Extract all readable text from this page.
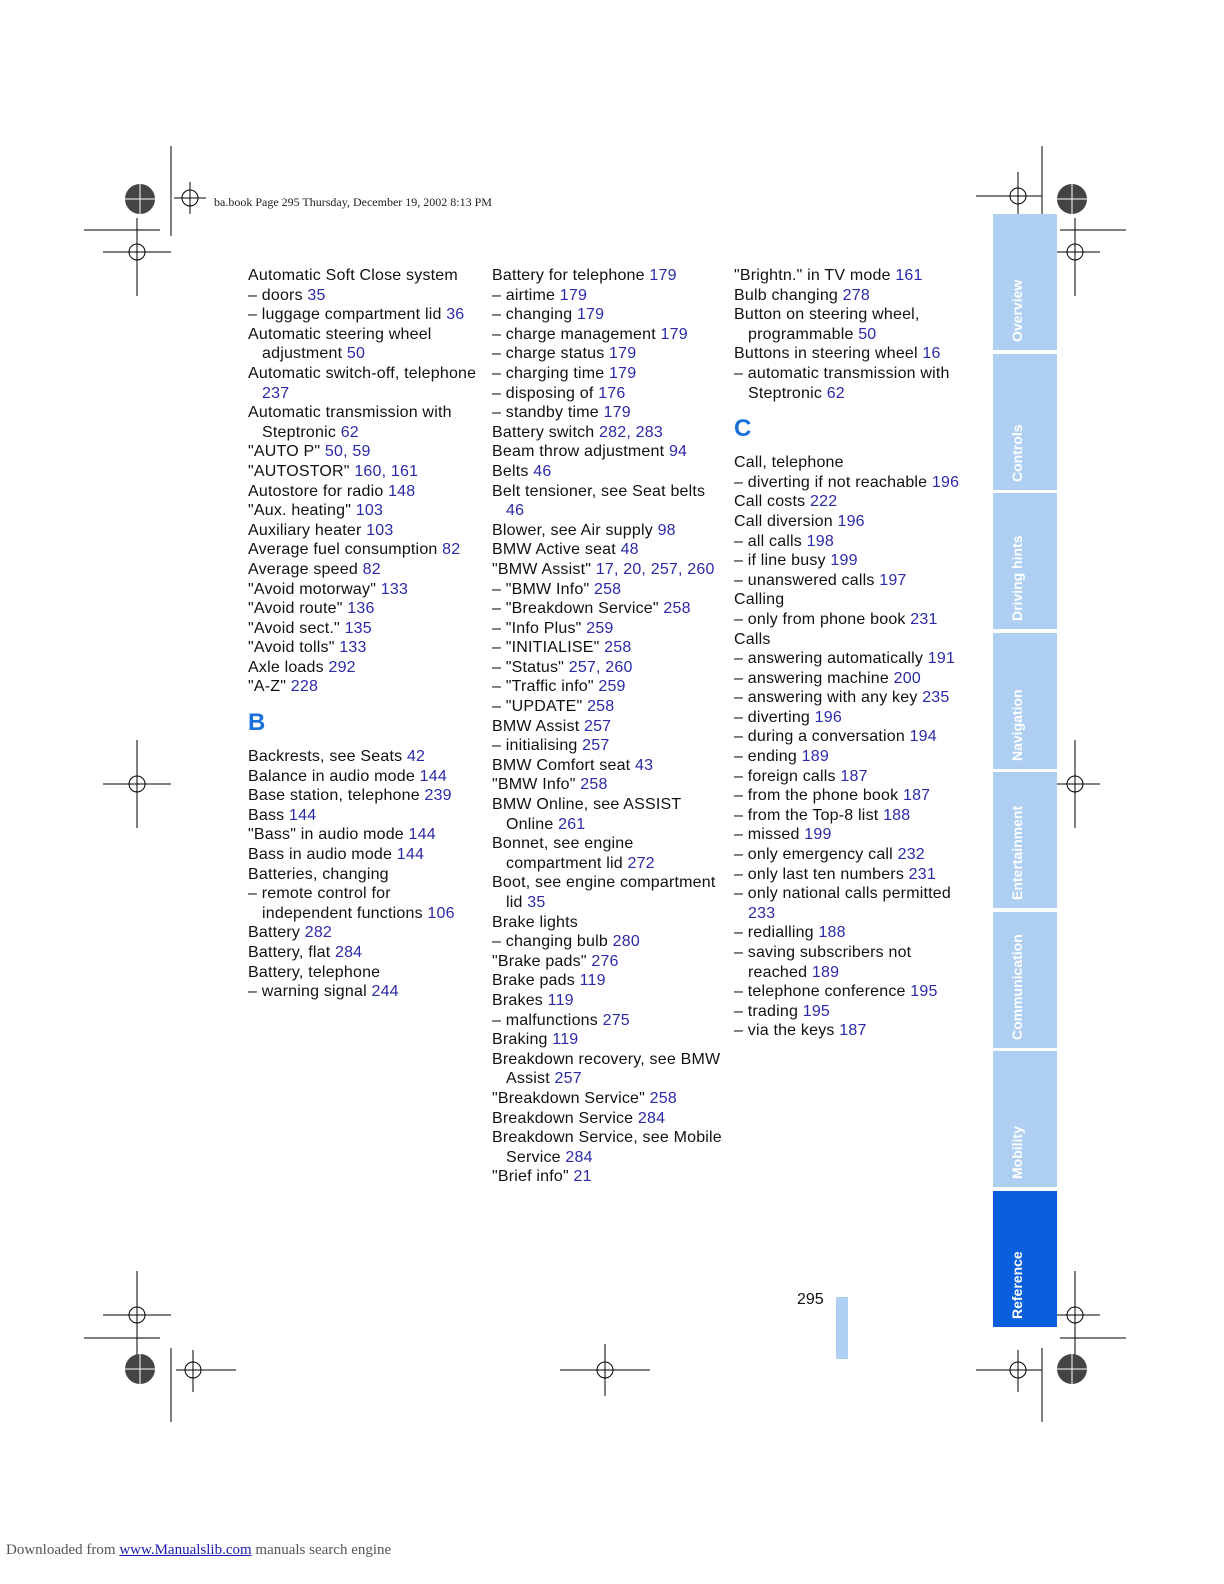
ba.book Page 295 Thursday, December 19, 2002 8:13 PM
Automatic Soft Close system
– doors 35
– luggage compartment lid 36
Automatic steering wheel adjustment 50
Automatic switch-off, telephone 237
Automatic transmission with Steptronic 62
"AUTO P" 50, 59
"AUTOSTOR" 160, 161
Autostore for radio 148
"Aux. heating" 103
Auxiliary heater 103
Average fuel consumption 82
Average speed 82
"Avoid motorway" 133
"Avoid route" 136
"Avoid sect." 135
"Avoid tolls" 133
Axle loads 292
"A-Z" 228
B
Backrests, see Seats 42
Balance in audio mode 144
Base station, telephone 239
Bass 144
"Bass" in audio mode 144
Bass in audio mode 144
Batteries, changing
– remote control for independent functions 106
Battery 282
Battery, flat 284
Battery, telephone
– warning signal 244
Battery for telephone 179
– airtime 179
– changing 179
– charge management 179
– charge status 179
– charging time 179
– disposing of 176
– standby time 179
Battery switch 282, 283
Beam throw adjustment 94
Belts 46
Belt tensioner, see Seat belts 46
Blower, see Air supply 98
BMW Active seat 48
"BMW Assist" 17, 20, 257, 260
– "BMW Info" 258
– "Breakdown Service" 258
– "Info Plus" 259
– "INITIALISE" 258
– "Status" 257, 260
– "Traffic info" 259
– "UPDATE" 258
BMW Assist 257
– initialising 257
BMW Comfort seat 43
"BMW Info" 258
BMW Online, see ASSIST Online 261
Bonnet, see engine compartment lid 272
Boot, see engine compartment lid 35
Brake lights
– changing bulb 280
"Brake pads" 276
Brake pads 119
Brakes 119
– malfunctions 275
Braking 119
Breakdown recovery, see BMW Assist 257
"Breakdown Service" 258
Breakdown Service 284
Breakdown Service, see Mobile Service 284
"Brief info" 21
"Brightn." in TV mode 161
Bulb changing 278
Button on steering wheel, programmable 50
Buttons in steering wheel 16
– automatic transmission with Steptronic 62
C
Call, telephone
– diverting if not reachable 196
Call costs 222
Call diversion 196
– all calls 198
– if line busy 199
– unanswered calls 197
Calling
– only from phone book 231
Calls
– answering automatically 191
– answering machine 200
– answering with any key 235
– diverting 196
– during a conversation 194
– ending 189
– foreign calls 187
– from the phone book 187
– from the Top-8 list 188
– missed 199
– only emergency call 232
– only last ten numbers 231
– only national calls permitted 233
– redialling 188
– saving subscribers not reached 189
– telephone conference 195
– trading 195
– via the keys 187
Overview
Controls
Driving hints
Navigation
Entertainment
Communication
Mobility
Reference
295
Downloaded from www.Manualslib.com manuals search engine
